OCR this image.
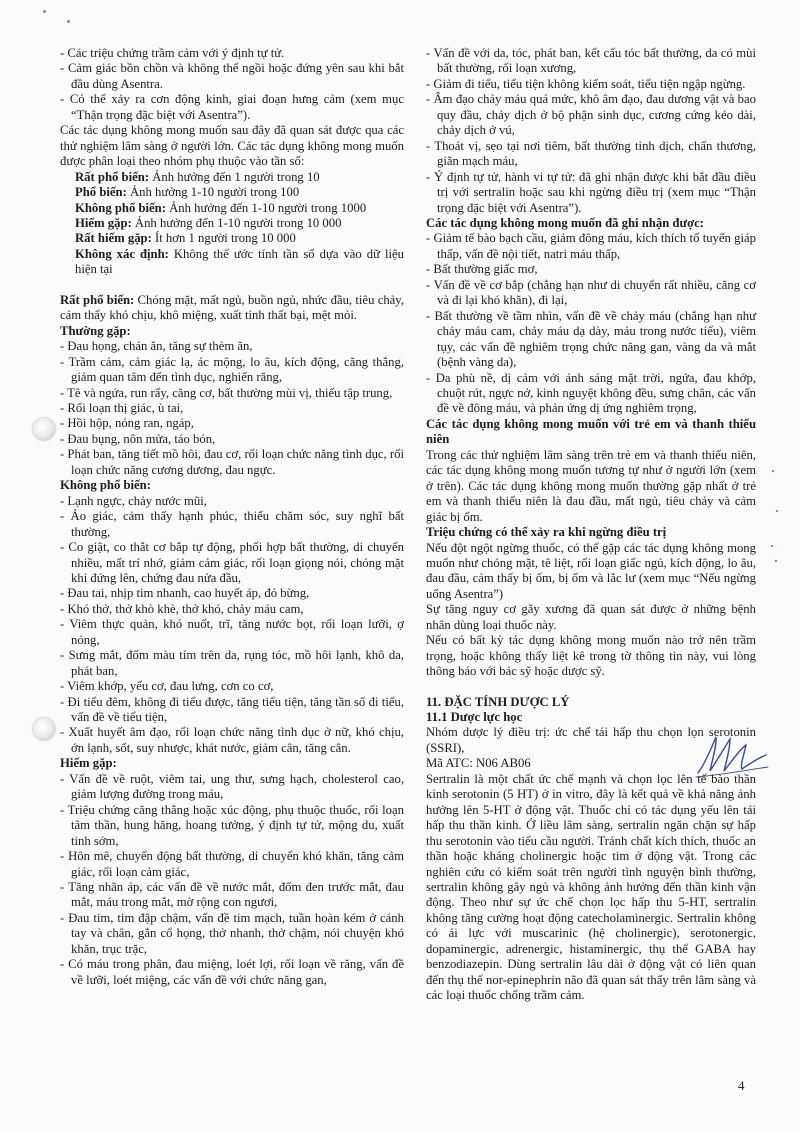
- Các triệu chứng trầm cảm với ý định tự tử.

- Cảm giác bồn chồn và không thể ngồi hoặc đứng yên sau khi bắt đầu dùng Asentra.

- Có thể xảy ra cơn động kinh, giai đoạn hưng cảm (xem mục “Thận trọng đặc biệt với Asentra”).

Các tác dụng không mong muốn sau đây đã quan sát được qua các thử nghiệm lâm sàng ở người lớn. Các tác dụng không mong muốn được phân loại theo nhóm phụ thuộc vào tần số:

Rất phổ biến: Ảnh hưởng đến 1 người trong 10

Phổ biến: Ảnh hưởng 1-10 người trong 100

Không phổ biến: Ảnh hưởng đến 1-10 người trong 1000

Hiếm gặp: Ảnh hưởng đến 1-10 người trong 10 000

Rất hiếm gặp: Ít hơn 1 người trong 10 000

Không xác định: Không thể ước tính tần số dựa vào dữ liệu hiện tại

Rất phổ biến: Chóng mặt, mất ngủ, buồn ngủ, nhức đầu, tiêu chảy, cảm thấy khó chịu, khô miệng, xuất tinh thất bại, mệt mỏi.

Thường gặp:

- Đau họng, chán ăn, tăng sự thèm ăn,

- Trầm cảm, cảm giác lạ, ác mộng, lo âu, kích động, căng thẳng, giảm quan tâm đến tình dục, nghiến răng,

- Tê và ngứa, run rẩy, căng cơ, bất thường mùi vị, thiếu tập trung,

- Rối loạn thị giác, ù tai,

- Hồi hộp, nóng ran, ngáp,

- Đau bụng, nôn mửa, táo bón,

- Phát ban, tăng tiết mồ hôi, đau cơ, rối loạn chức năng tình dục, rối loạn chức năng cương dương, đau ngực.

Không phổ biến:

- Lạnh ngực, chảy nước mũi,

- Ảo giác, cảm thấy hạnh phúc, thiếu chăm sóc, suy nghĩ bất thường,

- Co giật, co thắt cơ bắp tự động, phối hợp bất thường, di chuyển nhiều, mất trí nhớ, giảm cảm giác, rối loạn giọng nói, chóng mặt khi đứng lên, chứng đau nửa đầu,

- Đau tai, nhịp tim nhanh, cao huyết áp, đỏ bừng,

- Khó thở, thở khò khè, thở khó, chảy máu cam,

- Viêm thực quản, khó nuốt, trĩ, tăng nước bọt, rối loạn lưỡi, ợ nóng,

- Sưng mắt, đốm màu tím trên da, rụng tóc, mồ hôi lạnh, khô da, phát ban,

- Viêm khớp, yếu cơ, đau lưng, cơn co cơ,

- Đi tiểu đêm, không đi tiểu được, tăng tiểu tiện, tăng tần số đi tiểu, vấn đề về tiểu tiện,

- Xuất huyết âm đạo, rối loạn chức năng tình dục ở nữ, khó chịu, ớn lạnh, sốt, suy nhược, khát nước, giảm cân, tăng cân.

Hiếm gặp:

- Vấn đề về ruột, viêm tai, ung thư, sưng hạch, cholesterol cao, giảm lượng đường trong máu,

- Triệu chứng căng thẳng hoặc xúc động, phụ thuộc thuốc, rối loạn tâm thần, hung hăng, hoang tưởng, ý định tự tử, mộng du, xuất tinh sớm,

- Hôn mê, chuyển động bất thường, di chuyển khó khăn, tăng cảm giác, rối loạn cảm giác,

- Tăng nhãn áp, các vấn đề về nước mắt, đốm đen trước mắt, đau mắt, máu trong mắt, mờ rộng con ngươi,

- Đau tim, tim đập chậm, vấn đề tim mạch, tuần hoàn kém ở cánh tay và chân, gắn cổ họng, thở nhanh, thở chậm, nói chuyện khó khăn, trục trặc,

- Có máu trong phân, đau miệng, loét lợi, rối loạn về răng, vấn đề về lưỡi, loét miệng, các vấn đề với chức năng gan,

- Vấn đề với da, tóc, phát ban, kết cấu tóc bất thường, da có mùi bất thường, rối loạn xương,

- Giảm đi tiểu, tiểu tiện không kiểm soát, tiểu tiện ngập ngừng.

- Âm đạo chảy máu quá mức, khô âm đạo, đau dương vật và bao quy đầu, chảy dịch ở bộ phận sinh dục, cương cứng kéo dài, chảy dịch ở vú,

- Thoát vị, sẹo tại nơi tiêm, bất thường tinh dịch, chấn thương, giãn mạch máu,

- Ý định tự tử, hành vi tự tử: đã ghi nhận được khi bắt đầu điều trị với sertralin hoặc sau khi ngừng điều trị (xem mục “Thận trọng đặc biệt với Asentra”).

Các tác dụng không mong muốn đã ghi nhận được:

- Giảm tế bào bạch cầu, giảm đông máu, kích thích tố tuyến giáp thấp, vấn đề nội tiết, natri máu thấp,

- Bất thường giấc mơ,

- Vấn đề về cơ bắp (chẳng hạn như di chuyển rất nhiều, căng cơ và đi lại khó khăn), đi lại,

- Bất thường về tầm nhìn, vấn đề về chảy máu (chẳng hạn như chảy máu cam, chảy máu dạ dày, máu trong nước tiểu), viêm tụy, các vấn đề nghiêm trọng chức năng gan, vàng da và mắt (bệnh vàng da),

- Da phù nề, dị cảm với ánh sáng mặt trời, ngứa, đau khớp, chuột rút, ngực nở, kinh nguyệt không đều, sưng chân, các vấn đề về đông máu, và phản ứng dị ứng nghiêm trọng,

Các tác dụng không mong muốn với trẻ em và thanh thiếu niên

Trong các thử nghiệm lâm sàng trên trẻ em và thanh thiếu niên, các tác dụng không mong muốn tương tự như ở người lớn (xem ở trên). Các tác dụng không mong muốn thường gặp nhất ở trẻ em và thanh thiếu niên là đau đầu, mất ngủ, tiêu chảy và cảm giác bị ốm.

Triệu chứng có thể xảy ra khi ngừng điều trị

Nếu đột ngột ngừng thuốc, có thể gặp các tác dụng không mong muốn như chóng mặt, tê liệt, rối loạn giấc ngủ, kích động, lo âu, đau đầu, cảm thấy bị ốm, bị ốm và lắc lư (xem mục “Nếu ngừng uống Asentra”)

Sự tăng nguy cơ gãy xương đã quan sát được ở những bệnh nhân dùng loại thuốc này.

Nếu có bất kỳ tác dụng không mong muốn nào trở nên trầm trọng, hoặc không thấy liệt kê trong tờ thông tin này, vui lòng thông báo với bác sỹ hoặc dược sỹ.

11. ĐẶC TÍNH DƯỢC LÝ

11.1 Dược lực học

Nhóm dược lý điều trị: ức chế tái hấp thu chọn lọn serotonin (SSRI),

Mã ATC: N06 AB06

Sertralin là một chất ức chế mạnh và chọn lọc lên tế bào thần kinh serotonin (5 HT) ở in vitro, đây là kết quả về khả năng ảnh hưởng lên 5-HT ở động vật. Thuốc chỉ có tác dụng yếu lên tái hấp thu thần kinh. Ở liều lâm sàng, sertralin ngăn chặn sự hấp thu serotonin vào tiểu cầu người. Tránh chất kích thích, thuốc an thần hoặc kháng cholinergic hoặc tim ở động vật. Trong các nghiên cứu có kiểm soát trên người tình nguyện bình thường, sertralin không gây ngủ và không ảnh hưởng đến thần kinh vận động. Theo như sự ức chế chọn lọc hấp thu 5-HT, sertralin không tăng cường hoạt động catecholaminergic. Sertralin không có ái lực với muscarinic (hệ cholinergic), serotonergic, dopaminergic, adrenergic, histaminergic, thụ thể GABA hay benzodiazepin. Dùng sertralin lâu dài ở động vật có liên quan đến thụ thể nor-epinephrin não đã quan sát thấy trên lâm sàng và các loại thuốc chống trầm cảm.

4
